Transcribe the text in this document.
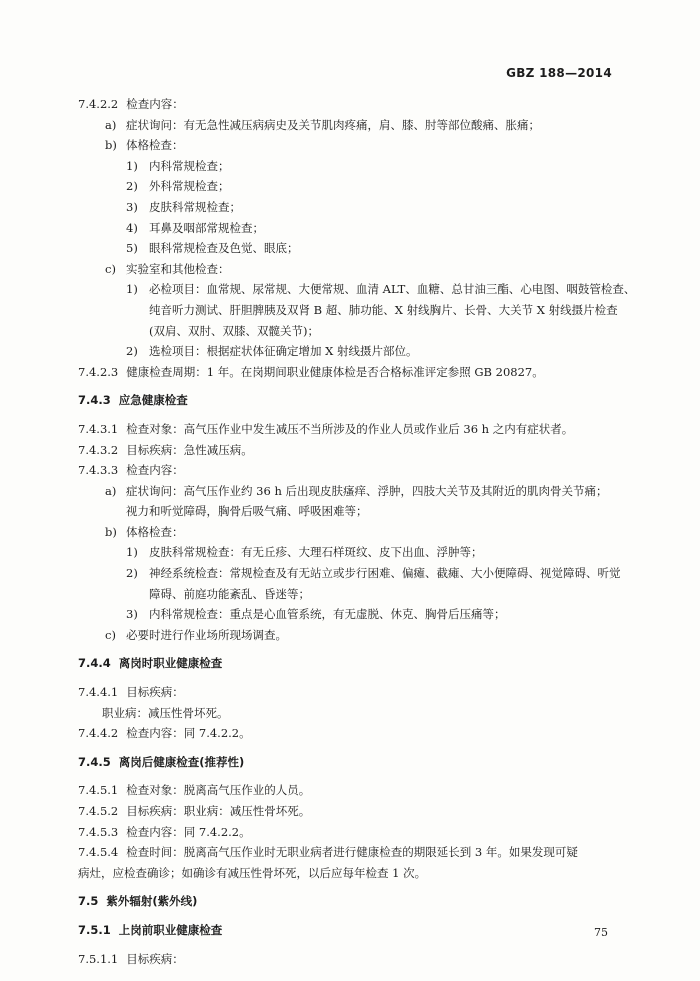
GBZ 188—2014
7.4.2.2 检查内容：
a) 症状询问：有无急性减压病病史及关节肌肉疼痛，肩、膝、肘等部位酸痛、胀痛；
b) 体格检查：
1) 内科常规检查；
2) 外科常规检查；
3) 皮肤科常规检查；
4) 耳鼻及咽部常规检查；
5) 眼科常规检查及色觉、眼底；
c) 实验室和其他检查：
1) 必检项目：血常规、尿常规、大便常规、血清 ALT、血糖、总甘油三酯、心电图、咽鼓管检查、
纯音听力测试、肝胆脾胰及双肾 B 超、肺功能、X 射线胸片、长骨、大关节 X 射线摄片检查
(双肩、双肘、双膝、双髋关节)；
2) 选检项目：根据症状体征确定增加 X 射线摄片部位。
7.4.2.3 健康检查周期：1 年。在岗期间职业健康体检是否合格标准评定参照 GB 20827。
7.4.3 应急健康检查
7.4.3.1 检查对象：高气压作业中发生减压不当所涉及的作业人员或作业后 36 h 之内有症状者。
7.4.3.2 目标疾病：急性减压病。
7.4.3.3 检查内容：
a) 症状询问：高气压作业约 36 h 后出现皮肤瘙痒、浮肿，四肢大关节及其附近的肌肉骨关节痛；
视力和听觉障碍，胸骨后吸气痛、呼吸困难等；
b) 体格检查：
1) 皮肤科常规检查：有无丘疹、大理石样斑纹、皮下出血、浮肿等；
2) 神经系统检查：常规检查及有无站立或步行困难、偏瘫、截瘫、大小便障碍、视觉障碍、听觉
障碍、前庭功能紊乱、昏迷等；
3) 内科常规检查：重点是心血管系统，有无虚脱、休克、胸骨后压痛等；
c) 必要时进行作业场所现场调查。
7.4.4 离岗时职业健康检查
7.4.4.1 目标疾病：
职业病：减压性骨坏死。
7.4.4.2 检查内容：同 7.4.2.2。
7.4.5 离岗后健康检查(推荐性)
7.4.5.1 检查对象：脱离高气压作业的人员。
7.4.5.2 目标疾病：职业病：减压性骨坏死。
7.4.5.3 检查内容：同 7.4.2.2。
7.4.5.4 检查时间：脱离高气压作业时无职业病者进行健康检查的期限延长到 3 年。如果发现可疑
病灶，应检查确诊；如确诊有减压性骨坏死，以后应每年检查 1 次。
7.5 紫外辐射(紫外线)
7.5.1 上岗前职业健康检查
7.5.1.1 目标疾病：
75
